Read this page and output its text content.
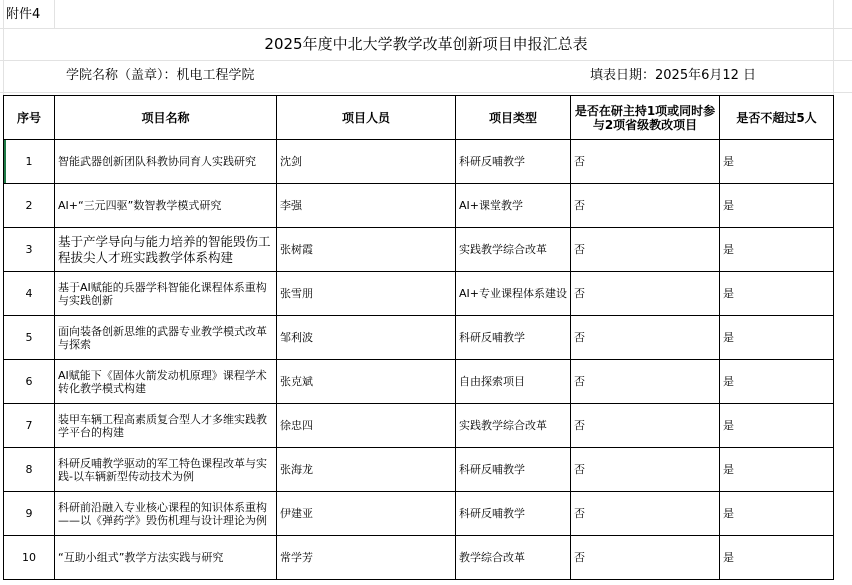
附件4
2025年度中北大学教学改革创新项目申报汇总表
学院名称（盖章）：机电工程学院	填表日期：2025年6月12 日
序号	项目名称	项目人员	项目类型	是否在研主持1项或同时参与2项省级教改项目	是否不超过5人
1	智能武器创新团队科教协同育人实践研究	沈剑	科研反哺教学	否	是
2	AI+“三元四驱”数智教学模式研究	李强	AI+课堂教学	否	是
3	基于产学导向与能力培养的智能毁伤工程拔尖人才班实践教学体系构建	张树霞	实践教学综合改革	否	是
4	基于AI赋能的兵器学科智能化课程体系重构与实践创新	张雪朋	AI+专业课程体系建设	否	是
5	面向装备创新思维的武器专业教学模式改革与探索	邹利波	科研反哺教学	否	是
6	AI赋能下《固体火箭发动机原理》课程学术转化教学模式构建	张克斌	自由探索项目	否	是
7	装甲车辆工程高素质复合型人才多维实践教学平台的构建	徐忠四	实践教学综合改革	否	是
8	科研反哺教学驱动的军工特色课程改革与实践-以车辆新型传动技术为例	张海龙	科研反哺教学	否	是
9	科研前沿融入专业核心课程的知识体系重构——以《弹药学》毁伤机理与设计理论为例	伊建亚	科研反哺教学	否	是
10	“互助小组式”教学方法实践与研究	常学芳	教学综合改革	否	是
